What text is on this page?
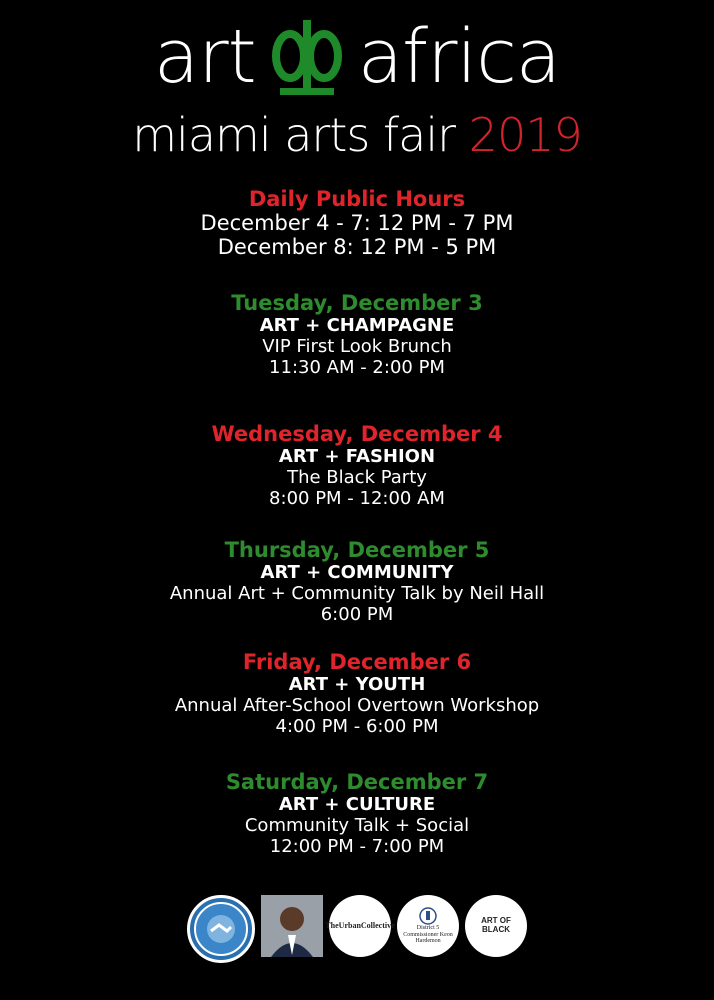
art africa
miami arts fair 2019
Daily Public Hours
December 4 - 7: 12 PM - 7 PM
December 8: 12 PM - 5 PM
Tuesday, December 3
ART + CHAMPAGNE
VIP First Look Brunch
11:30 AM - 2:00 PM
Wednesday, December 4
ART + FASHION
The Black Party
8:00 PM - 12:00 AM
Thursday, December 5
ART + COMMUNITY
Annual Art + Community Talk by Neil Hall
6:00 PM
Friday, December 6
ART + YOUTH
Annual After-School Overtown Workshop
4:00 PM - 6:00 PM
Saturday, December 7
ART + CULTURE
Community Talk + Social
12:00 PM - 7:00 PM
TheUrbanCollective	District 5 Commissioner Keon Hardemon
ART OF BLACK
